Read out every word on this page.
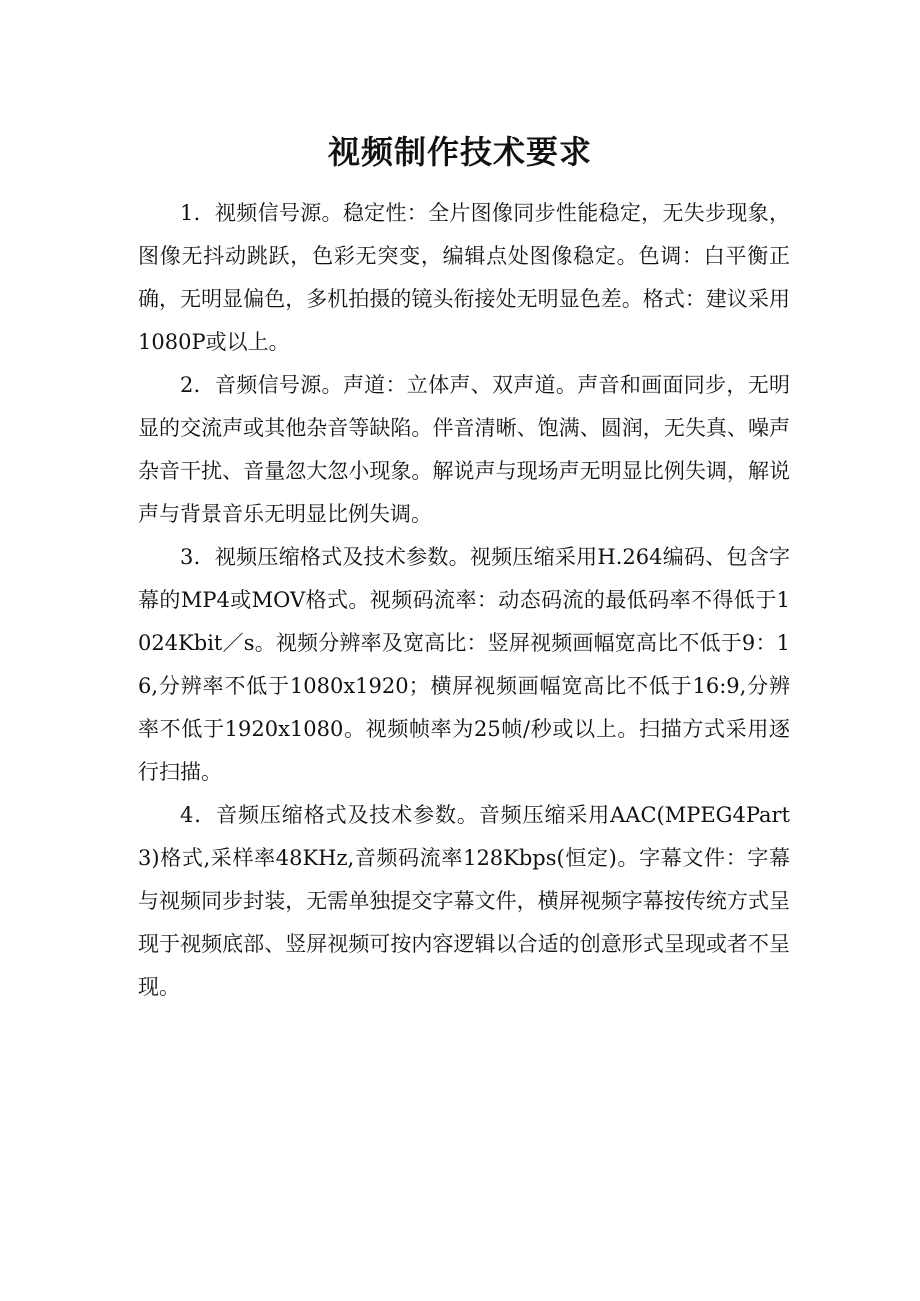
视频制作技术要求

1．视频信号源。稳定性：全片图像同步性能稳定，无失步现象，图像无抖动跳跃，色彩无突变，编辑点处图像稳定。色调：白平衡正确，无明显偏色，多机拍摄的镜头衔接处无明显色差。格式：建议采用1080P或以上。

2．音频信号源。声道：立体声、双声道。声音和画面同步，无明显的交流声或其他杂音等缺陷。伴音清晰、饱满、圆润，无失真、噪声杂音干扰、音量忽大忽小现象。解说声与现场声无明显比例失调，解说声与背景音乐无明显比例失调。

3．视频压缩格式及技术参数。视频压缩采用H.264编码、包含字幕的MP4或MOV格式。视频码流率：动态码流的最低码率不得低于1024Kbit／s。视频分辨率及宽高比：竖屏视频画幅宽高比不低于9：16,分辨率不低于1080x1920；横屏视频画幅宽高比不低于16:9,分辨率不低于1920x1080。视频帧率为25帧/秒或以上。扫描方式采用逐行扫描。

4．音频压缩格式及技术参数。音频压缩采用AAC(MPEG4Part3)格式,采样率48KHz,音频码流率128Kbps(恒定)。字幕文件：字幕与视频同步封装，无需单独提交字幕文件，横屏视频字幕按传统方式呈现于视频底部、竖屏视频可按内容逻辑以合适的创意形式呈现或者不呈现。
